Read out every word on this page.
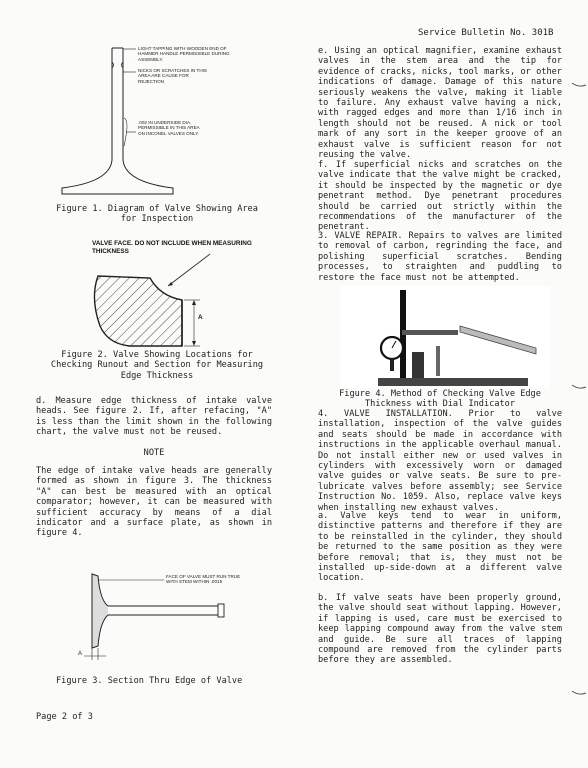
Service Bulletin No. 301B
LIGHT TAPPING WITH WOODEN END OF HAMMER HANDLE PERMISSIBLE DURING ASSEMBLY.
NICKS OR SCRATCHES IN THIS AREA ARE CAUSE FOR REJECTION
.002 IN UNDERSIDE DIA. PERMISSIBLE IN THIS AREA ON INCONEL VALVES ONLY.
Figure 1. Diagram of Valve Showing Area for Inspection
VALVE FACE. DO NOT INCLUDE WHEN MEASURING THICKNESS
A
Figure 2. Valve Showing Locations for Checking Runout and Section for Measuring Edge Thickness
d. Measure edge thickness of intake valve heads. See figure 2. If, after refacing, "A" is less than the limit shown in the following chart, the valve must not be reused.
NOTE
The edge of intake valve heads are generally formed as shown in figure 3. The thickness "A" can best be measured with an optical comparator; however, it can be measured with sufficient accuracy by means of a dial indicator and a surface plate, as shown in figure 4.
FACE OF VALVE MUST RUN TRUE WITH STEM WITHIN .0015
A
Figure 3. Section Thru Edge of Valve
e. Using an optical magnifier, examine exhaust valves in the stem area and the tip for evidence of cracks, nicks, tool marks, or other indications of damage. Damage of this nature seriously weakens the valve, making it liable to failure. Any exhaust valve having a nick, with ragged edges and more than 1/16 inch in length should not be reused. A nick or tool mark of any sort in the keeper groove of an exhaust valve is sufficient reason for not reusing the valve.
f. If superficial nicks and scratches on the valve indicate that the valve might be cracked, it should be inspected by the magnetic or dye penetrant method. Dye penetrant procedures should be carried out strictly within the recommendations of the manufacturer of the penetrant.
3. VALVE REPAIR. Repairs to valves are limited to removal of carbon, regrinding the face, and polishing superficial scratches. Bending processes, to straighten and puddling to restore the face must not be attempted.
Figure 4. Method of Checking Valve Edge Thickness with Dial Indicator
4. VALVE INSTALLATION. Prior to valve installation, inspection of the valve guides and seats should be made in accordance with instructions in the applicable overhaul manual. Do not install either new or used valves in cylinders with excessively worn or damaged valve guides or valve seats. Be sure to pre-lubricate valves before assembly; see Service Instruction No. 1059. Also, replace valve keys when installing new exhaust valves.
a. Valve keys tend to wear in uniform, distinctive patterns and therefore if they are to be reinstalled in the cylinder, they should be returned to the same position as they were before removal; that is, they must not be installed up-side-down at a different valve location.
b. If valve seats have been properly ground, the valve should seat without lapping. However, if lapping is used, care must be exercised to keep lapping compound away from the valve stem and guide. Be sure all traces of lapping compound are removed from the cylinder parts before they are assembled.
Page 2 of 3
